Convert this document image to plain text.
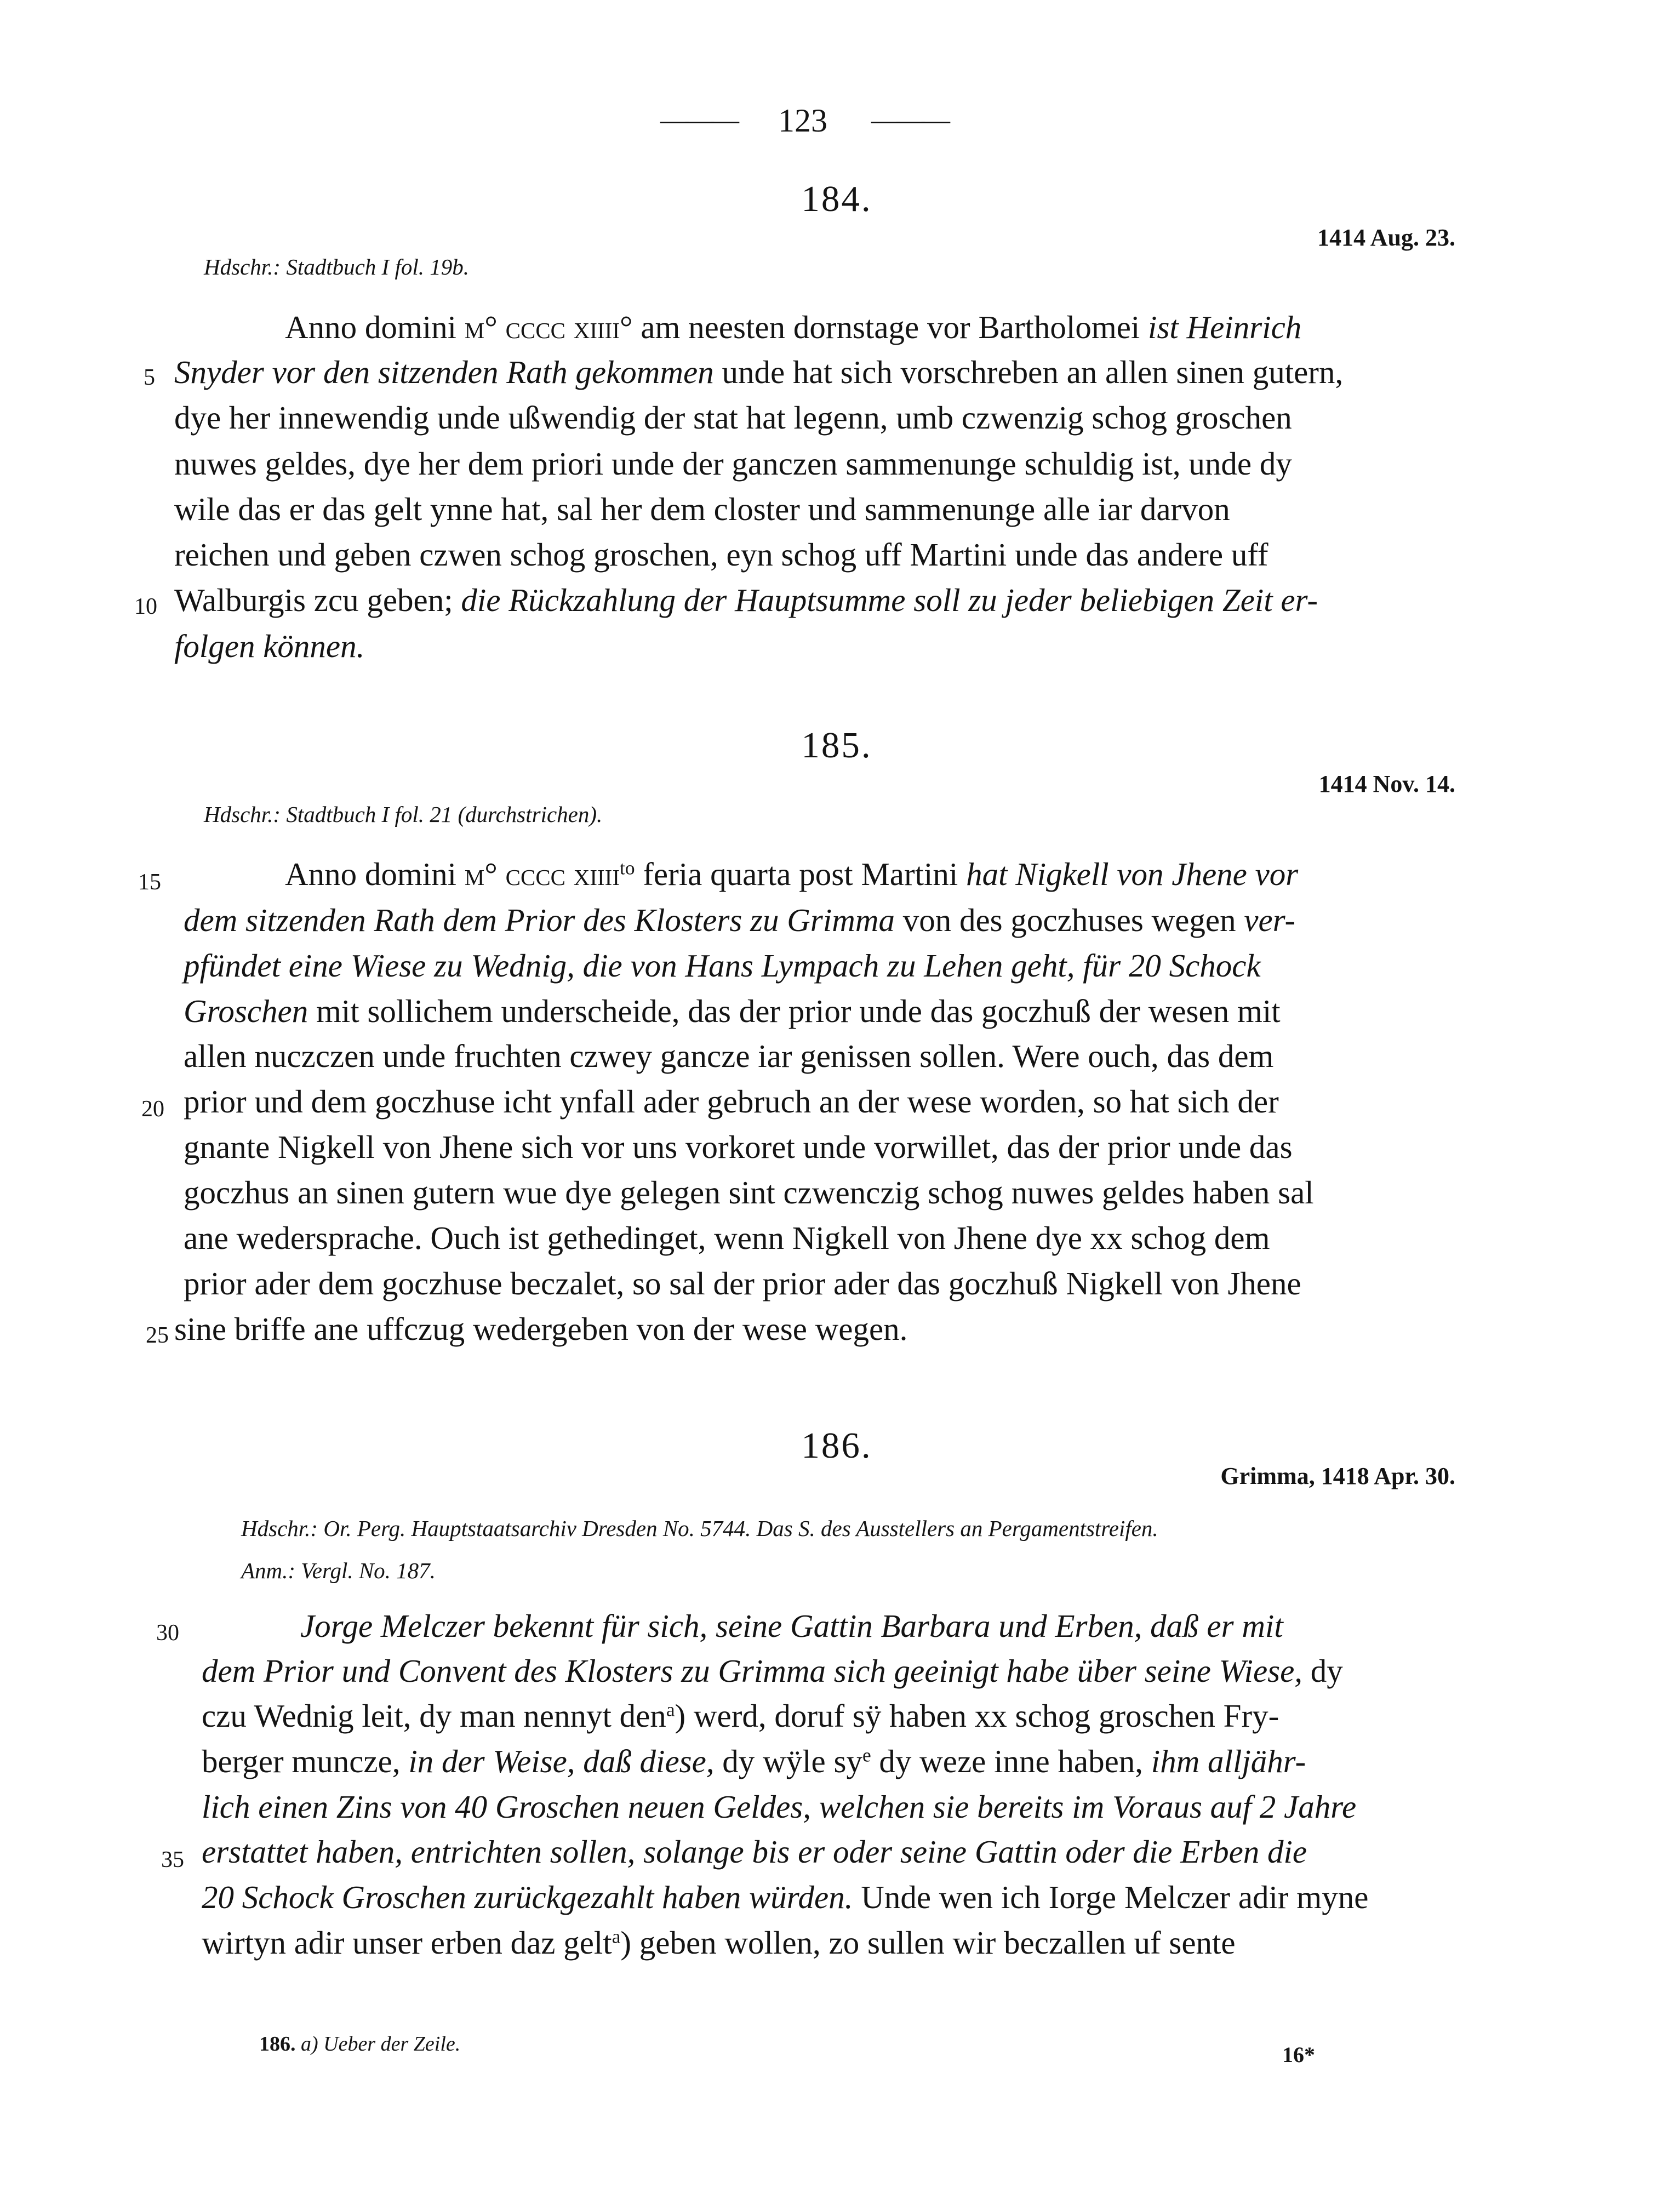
——— 123 ———
184.
1414 Aug. 23.
Hdschr.: Stadtbuch I fol. 19b.
Anno domini m° cccc xiiii° am neesten dornstage vor Bartholomei ist Heinrich
Snyder vor den sitzenden Rath gekommen unde hat sich vorschreben an allen sinen gutern,
dye her innewendig unde ußwendig der stat hat legenn, umb czwenzig schog groschen
nuwes geldes, dye her dem priori unde der ganczen sammenunge schuldig ist, unde dy
wile das er das gelt ynne hat, sal her dem closter und sammenunge alle iar darvon
reichen und geben czwen schog groschen, eyn schog uff Martini unde das andere uff
Walburgis zcu geben; die Rückzahlung der Hauptsumme soll zu jeder beliebigen Zeit er-
folgen können.
185.
1414 Nov. 14.
Hdschr.: Stadtbuch I fol. 21 (durchstrichen).
Anno domini m° cccc xiiii$^{to}$ feria quarta post Martini hat Nigkell von Jhene vor
dem sitzenden Rath dem Prior des Klosters zu Grimma von des goczhuses wegen ver-
pfündet eine Wiese zu Wednig, die von Hans Lympach zu Lehen geht, für 20 Schock
Groschen mit sollichem underscheide, das der prior unde das goczhuß der wesen mit
allen nuczczen unde fruchten czwey gancze iar genissen sollen. Were ouch, das dem
prior und dem goczhuse icht ynfall ader gebruch an der wese worden, so hat sich der
gnante Nigkell von Jhene sich vor uns vorkoret unde vorwillet, das der prior unde das
goczhus an sinen gutern wue dye gelegen sint czwenczig schog nuwes geldes haben sal
ane wedersprache. Ouch ist gethedinget, wenn Nigkell von Jhene dye xx schog dem
prior ader dem goczhuse beczalet, so sal der prior ader das goczhuß Nigkell von Jhene
sine briffe ane uffczug wedergeben von der wese wegen.
186.
Grimma, 1418 Apr. 30.
Hdschr.: Or. Perg. Hauptstaatsarchiv Dresden No. 5744. Das S. des Ausstellers an Pergamentstreifen.
Anm.: Vergl. No. 187.
Jorge Melczer bekennt für sich, seine Gattin Barbara und Erben, daß er mit
dem Prior und Convent des Klosters zu Grimma sich geeinigt habe über seine Wiese, dy
czu Wednig leit, dy man nennyt den$^a$) werd, doruf sÿ haben xx schog groschen Fry-
berger muncze, in der Weise, daß diese, dy wÿle $sy^e$ dy weze inne haben, ihm alljähr-
lich einen Zins von 40 Groschen neuen Geldes, welchen sie bereits im Voraus auf 2 Jahre
erstattet haben, entrichten sollen, solange bis er oder seine Gattin oder die Erben die
20 Schock Groschen zurückgezahlt haben würden. Unde wen ich Iorge Melczer adir myne
wirtyn adir unser erben daz gelt$^a$) geben wollen, zo sullen wir beczallen uf sente
5
10
15
20
25
30
35
186. a) Ueber der Zeile.	16*
